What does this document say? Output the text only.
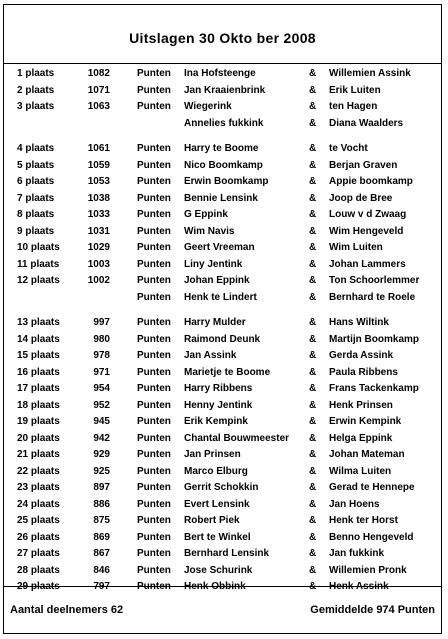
Uitslagen 30 Okto ber 2008
1 plaats	1082	Punten Ina Hofsteenge	& Willemien Assink
2 plaats	1071	Punten Jan Kraaienbrink	& Erik Luiten
3 plaats	1063	Punten Wiegerink	& ten Hagen
Annelies fukkink	& Diana Waalders
4 plaats	1061	Punten Harry te Boome	& te Vocht
5 plaats	1059	Punten Nico Boomkamp	& Berjan Graven
6 plaats	1053	Punten Erwin Boomkamp	& Appie boomkamp
7 plaats	1038	Punten Bennie Lensink	& Joop de Bree
8 plaats	1033	Punten G Eppink	& Louw v d Zwaag
9 plaats	1031	Punten Wim Navis	& Wim Hengeveld
10 plaats	1029	Punten Geert Vreeman	& Wim Luiten
11 plaats	1003	Punten Liny Jentink	& Johan Lammers
12 plaats	1002	Punten Johan Eppink	& Ton Schoorlemmer
Punten Henk te Lindert	& Bernhard te Roele
13 plaats	997	Punten Harry Mulder	& Hans Wiltink
14 plaats	980	Punten Raimond Deunk	& Martijn Boomkamp
15 plaats	978	Punten Jan Assink	& Gerda Assink
16 plaats	971	Punten Marietje te Boome	& Paula Ribbens
17 plaats	954	Punten Harry Ribbens	& Frans Tackenkamp
18 plaats	952	Punten Henny Jentink	& Henk Prinsen
19 plaats	945	Punten Erik Kempink	& Erwin Kempink
20 plaats	942	Punten Chantal Bouwmeester & Helga Eppink
21 plaats	929	Punten Jan Prinsen	& Johan Mateman
22 plaats	925	Punten Marco Elburg	& Wilma Luiten
23 plaats	897	Punten Gerrit Schokkin	& Gerad te Hennepe
24 plaats	886	Punten Evert Lensink	& Jan Hoens
25 plaats	875	Punten Robert Piek	& Henk ter Horst
26 plaats	869	Punten Bert te Winkel	& Benno Hengeveld
27 plaats	867	Punten Bernhard Lensink	& Jan fukkink
28 plaats	846	Punten Jose Schurink	& Willemien Pronk
29 plaats	797	Punten Henk Obbink	& Henk Assink
Aantal deelnemers 62	Gemiddelde 974 Punten
